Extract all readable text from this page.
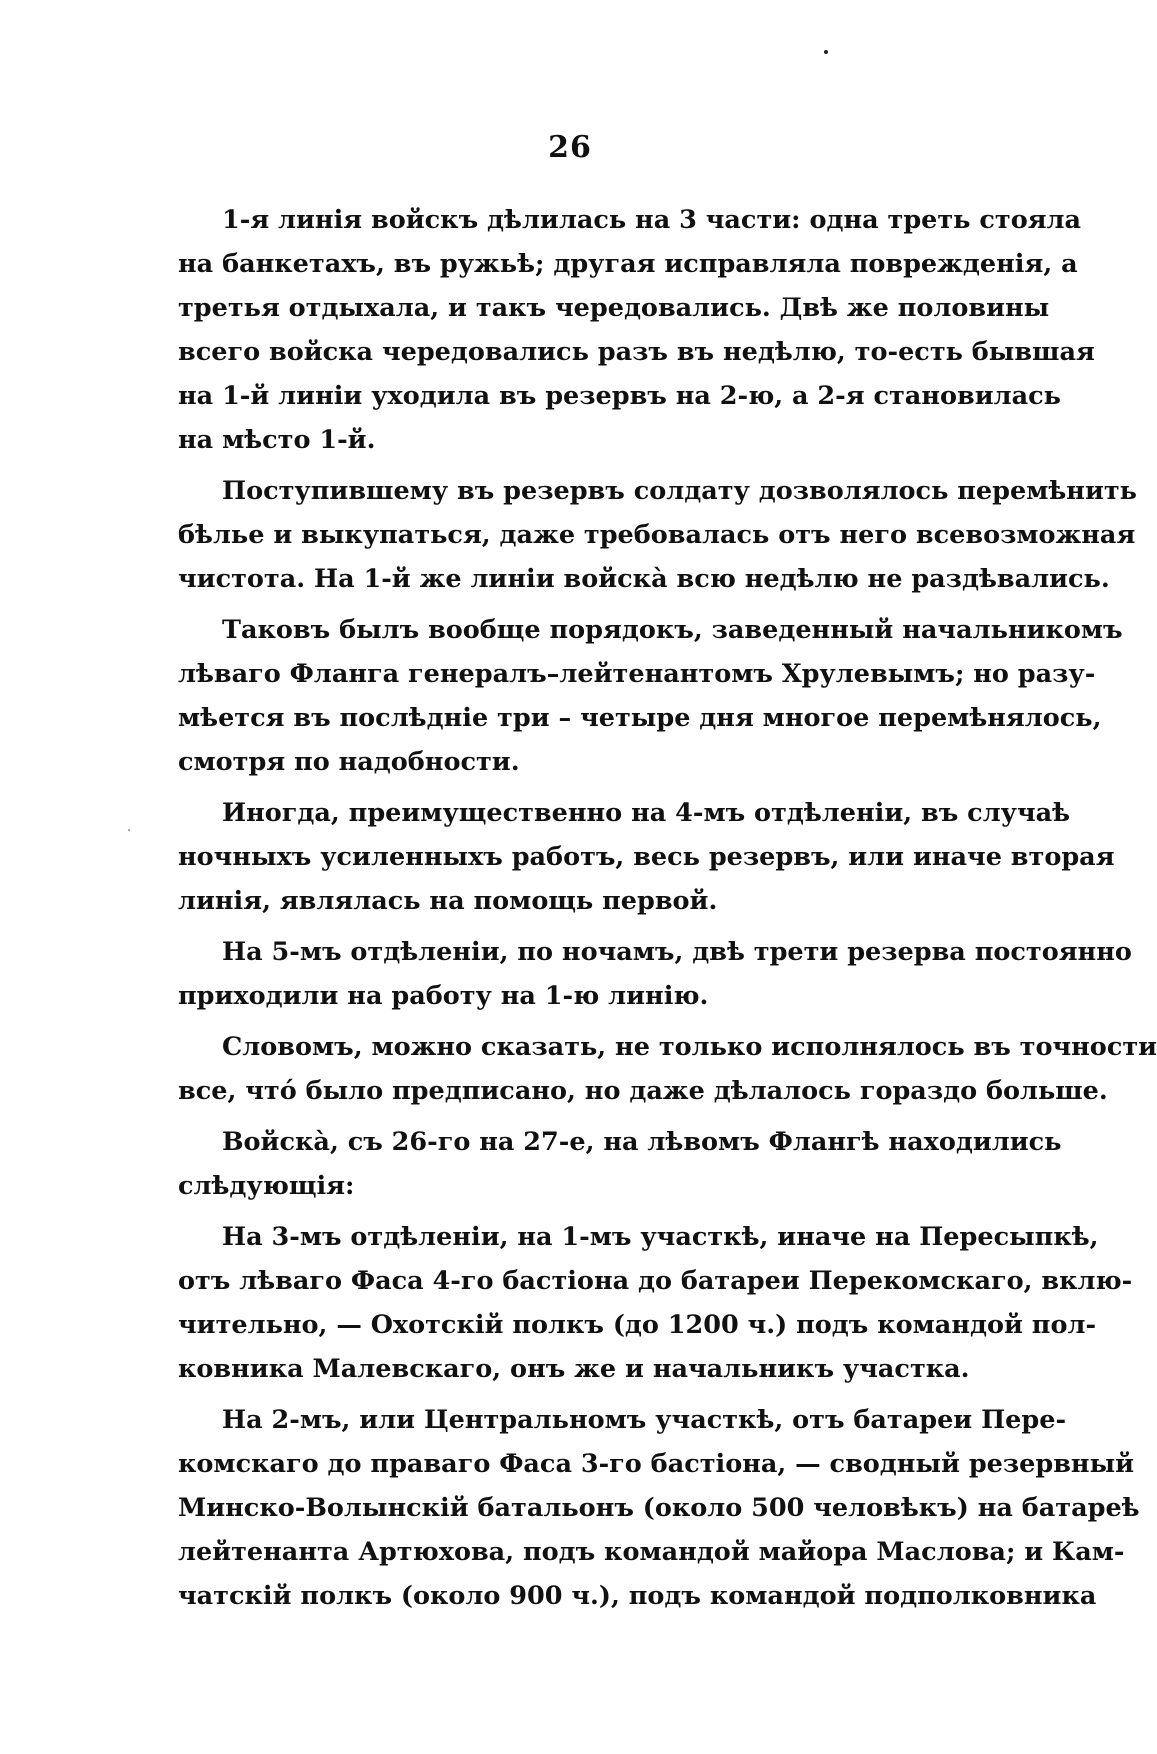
26
1-я линія войскъ дѣлилась на 3 части: одна треть стояла
на банкетахъ, въ ружьѣ; другая исправляла поврежденія, а
третья отдыхала, и такъ чередовались. Двѣ же половины
всего войска чередовались разъ въ недѣлю, то-есть бывшая
на 1-й линіи уходила въ резервъ на 2-ю, а 2-я становилась
на мѣсто 1-й.
Поступившему въ резервъ солдату дозволялось перемѣнить
бѣлье и выкупаться, даже требовалась отъ него всевозможная
чистота. На 1-й же линіи войскà всю недѣлю не раздѣвались.
Таковъ былъ вообще порядокъ, заведенный начальникомъ
лѣваго Фланга генералъ–лейтенантомъ Хрулевымъ; но разу-
мѣется въ послѣдніе три – четыре дня многое перемѣнялось,
смотря по надобности.
Иногда, преимущественно на 4-мъ отдѣленіи, въ случаѣ
ночныхъ усиленныхъ работъ, весь резервъ, или иначе вторая
линія, являлась на помощь первой.
На 5-мъ отдѣленіи, по ночамъ, двѣ трети резерва постоянно
приходили на работу на 1-ю линію.
Словомъ, можно сказать, не только исполнялось въ точности
все, чтó было предписано, но даже дѣлалось гораздо больше.
Войскà, съ 26-го на 27-е, на лѣвомъ Флангѣ находились
слѣдующія:
На 3-мъ отдѣленіи, на 1-мъ участкѣ, иначе на Пересыпкѣ,
отъ лѣваго Фаса 4-го бастіона до батареи Перекомскаго, вклю-
чительно, — Охотскій полкъ (до 1200 ч.) подъ командой пол-
ковника Малевскаго, онъ же и начальникъ участка.
На 2-мъ, или Центральномъ участкѣ, отъ батареи Пере-
комскаго до праваго Фаса 3-го бастіона, — сводный резервный
Минско-Волынскій батальонъ (около 500 человѣкъ) на батареѣ
лейтенанта Артюхова, подъ командой майора Маслова; и Кам-
чатскій полкъ (около 900 ч.), подъ командой подполковника
